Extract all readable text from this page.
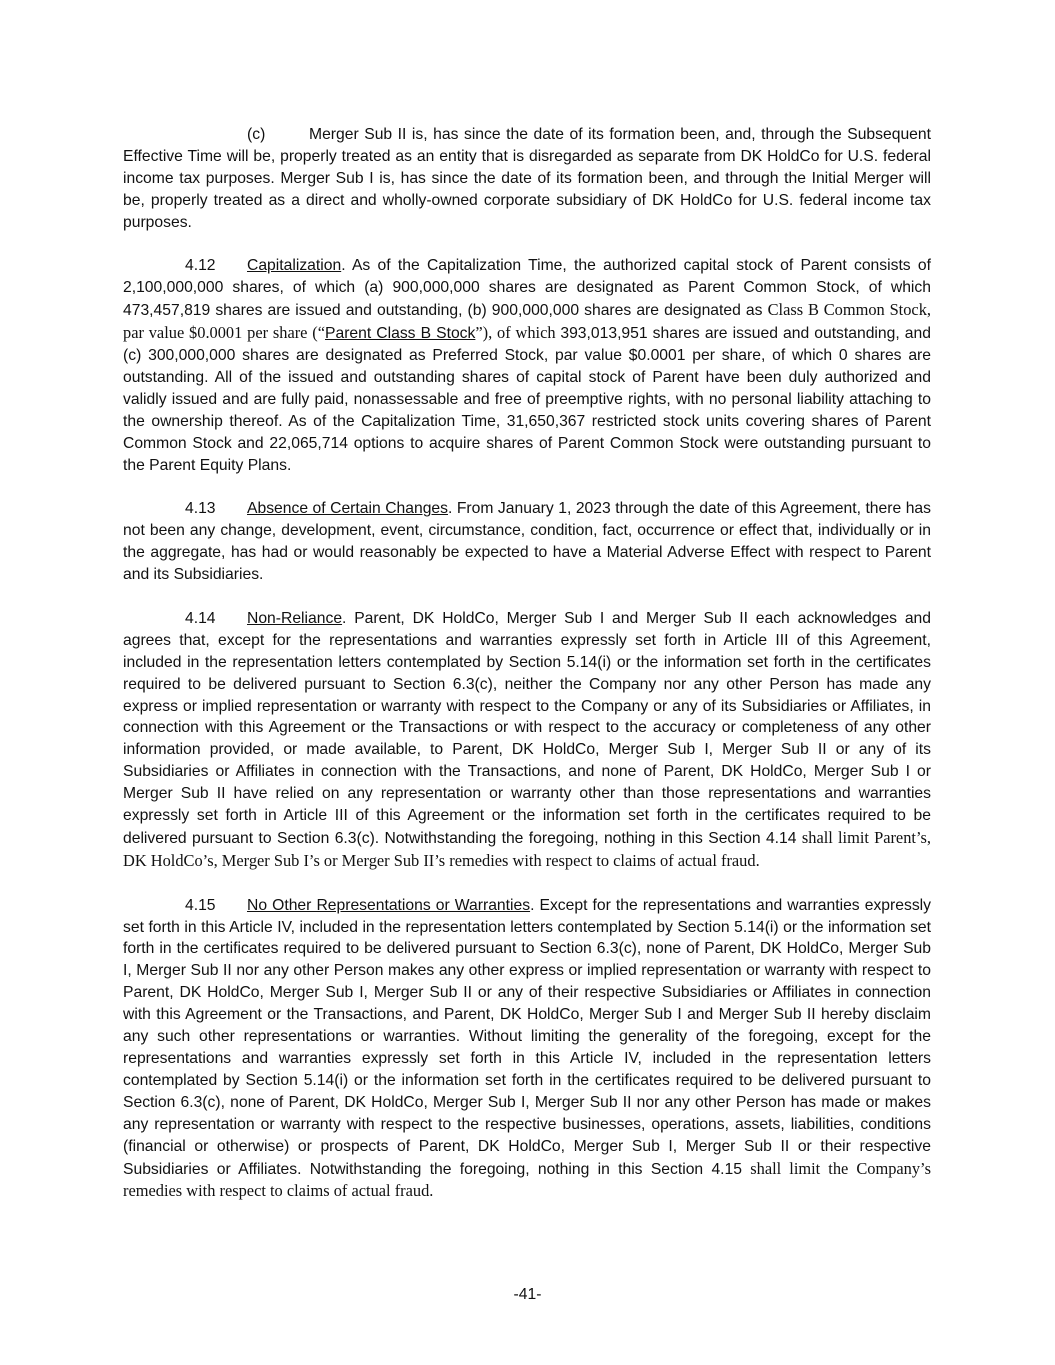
(c)	Merger Sub II is, has since the date of its formation been, and, through the Subsequent Effective Time will be, properly treated as an entity that is disregarded as separate from DK HoldCo for U.S. federal income tax purposes. Merger Sub I is, has since the date of its formation been, and through the Initial Merger will be, properly treated as a direct and wholly-owned corporate subsidiary of DK HoldCo for U.S. federal income tax purposes.

4.12 Capitalization. As of the Capitalization Time, the authorized capital stock of Parent consists of 2,100,000,000 shares, of which (a) 900,000,000 shares are designated as Parent Common Stock, of which 473,457,819 shares are issued and outstanding, (b) 900,000,000 shares are designated as Class B Common Stock, par value $0.0001 per share (“Parent Class B Stock”), of which 393,013,951 shares are issued and outstanding, and (c) 300,000,000 shares are designated as Preferred Stock, par value $0.0001 per share, of which 0 shares are outstanding. All of the issued and outstanding shares of capital stock of Parent have been duly authorized and validly issued and are fully paid, nonassessable and free of preemptive rights, with no personal liability attaching to the ownership thereof. As of the Capitalization Time, 31,650,367 restricted stock units covering shares of Parent Common Stock and 22,065,714 options to acquire shares of Parent Common Stock were outstanding pursuant to the Parent Equity Plans.

4.13 Absence of Certain Changes. From January 1, 2023 through the date of this Agreement, there has not been any change, development, event, circumstance, condition, fact, occurrence or effect that, individually or in the aggregate, has had or would reasonably be expected to have a Material Adverse Effect with respect to Parent and its Subsidiaries.

4.14 Non-Reliance. Parent, DK HoldCo, Merger Sub I and Merger Sub II each acknowledges and agrees that, except for the representations and warranties expressly set forth in Article III of this Agreement, included in the representation letters contemplated by Section 5.14(i) or the information set forth in the certificates required to be delivered pursuant to Section 6.3(c), neither the Company nor any other Person has made any express or implied representation or warranty with respect to the Company or any of its Subsidiaries or Affiliates, in connection with this Agreement or the Transactions or with respect to the accuracy or completeness of any other information provided, or made available, to Parent, DK HoldCo, Merger Sub I, Merger Sub II or any of its Subsidiaries or Affiliates in connection with the Transactions, and none of Parent, DK HoldCo, Merger Sub I or Merger Sub II have relied on any representation or warranty other than those representations and warranties expressly set forth in Article III of this Agreement or the information set forth in the certificates required to be delivered pursuant to Section 6.3(c). Notwithstanding the foregoing, nothing in this Section 4.14 shall limit Parent’s, DK HoldCo’s, Merger Sub I’s or Merger Sub II’s remedies with respect to claims of actual fraud.

4.15 No Other Representations or Warranties. Except for the representations and warranties expressly set forth in this Article IV, included in the representation letters contemplated by Section 5.14(i) or the information set forth in the certificates required to be delivered pursuant to Section 6.3(c), none of Parent, DK HoldCo, Merger Sub I, Merger Sub II nor any other Person makes any other express or implied representation or warranty with respect to Parent, DK HoldCo, Merger Sub I, Merger Sub II or any of their respective Subsidiaries or Affiliates in connection with this Agreement or the Transactions, and Parent, DK HoldCo, Merger Sub I and Merger Sub II hereby disclaim any such other representations or warranties. Without limiting the generality of the foregoing, except for the representations and warranties expressly set forth in this Article IV, included in the representation letters contemplated by Section 5.14(i) or the information set forth in the certificates required to be delivered pursuant to Section 6.3(c), none of Parent, DK HoldCo, Merger Sub I, Merger Sub II nor any other Person has made or makes any representation or warranty with respect to the respective businesses, operations, assets, liabilities, conditions (financial or otherwise) or prospects of Parent, DK HoldCo, Merger Sub I, Merger Sub II or their respective Subsidiaries or Affiliates. Notwithstanding the foregoing, nothing in this Section 4.15 shall limit the Company’s remedies with respect to claims of actual fraud.

-41-
